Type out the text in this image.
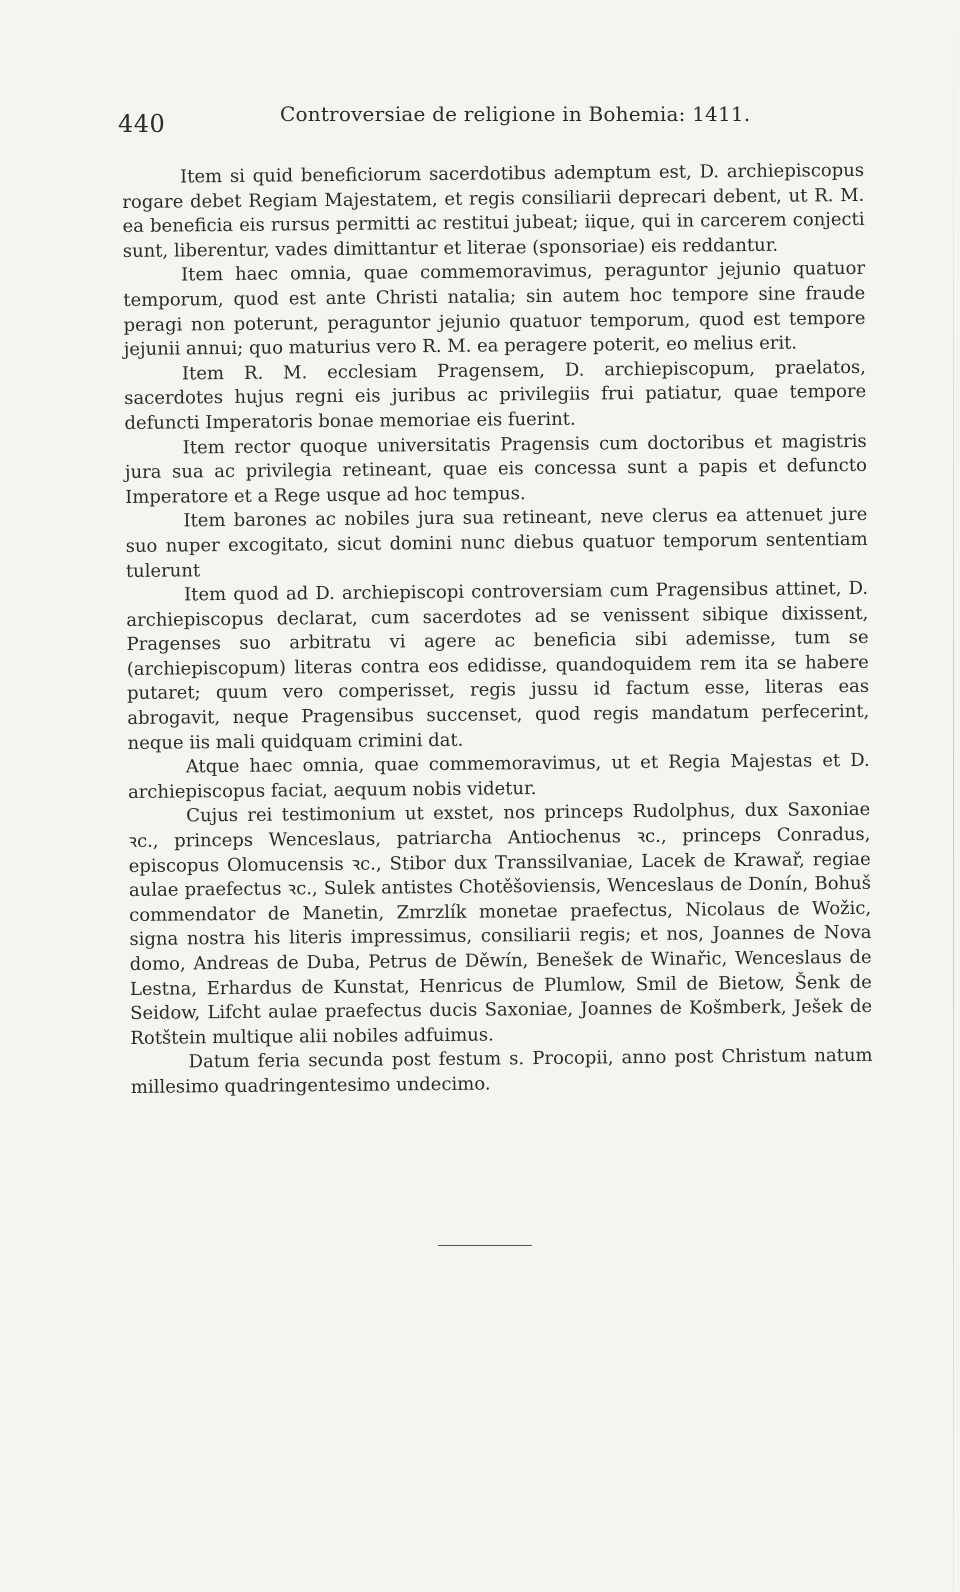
440	Controversiae de religione in Bohemia: 1411.

Item si quid beneficiorum sacerdotibus ademptum est, D. archiepiscopus rogare debet Regiam Majestatem, et regis consiliarii deprecari debent, ut R. M. ea beneficia eis rursus permitti ac restitui jubeat; iique, qui in carcerem conjecti sunt, liberentur, vades dimittantur et literae (sponsoriae) eis reddantur.

Item haec omnia, quae commemoravimus, peraguntor jejunio quatuor temporum, quod est ante Christi natalia; sin autem hoc tempore sine fraude peragi non poterunt, peraguntor jejunio quatuor temporum, quod est tempore jejunii annui; quo maturius vero R. M. ea peragere poterit, eo melius erit.

Item R. M. ecclesiam Pragensem, D. archiepiscopum, praelatos, sacerdotes hujus regni eis juribus ac privilegiis frui patiatur, quae tempore defuncti Imperatoris bonae memoriae eis fuerint.

Item rector quoque universitatis Pragensis cum doctoribus et magistris jura sua ac privilegia retineant, quae eis concessa sunt a papis et defuncto Imperatore et a Rege usque ad hoc tempus.

Item barones ac nobiles jura sua retineant, neve clerus ea attenuet jure suo nuper excogitato, sicut domini nunc diebus quatuor temporum sententiam tulerunt

Item quod ad D. archiepiscopi controversiam cum Pragensibus attinet, D. archiepiscopus declarat, cum sacerdotes ad se venissent sibique dixissent, Pragenses suo arbitratu vi agere ac beneficia sibi ademisse, tum se (archiepiscopum) literas contra eos edidisse, quandoquidem rem ita se habere putaret; quum vero comperisset, regis jussu id factum esse, literas eas abrogavit, neque Pragensibus succenset, quod regis mandatum perfecerint, neque iis mali quidquam crimini dat.

Atque haec omnia, quae commemoravimus, ut et Regia Majestas et D. archiepiscopus faciat, aequum nobis videtur.

Cujus rei testimonium ut exstet, nos princeps Rudolphus, dux Saxoniae ꝛc., princeps Wenceslaus, patriarcha Antiochenus ꝛc., princeps Conradus, episcopus Olomucensis ꝛc., Stibor dux Transsilvaniae, Lacek de Krawař, regiae aulae praefectus ꝛc., Sulek antistes Chotěšoviensis, Wenceslaus de Donín, Bohuš commendator de Manetin, Zmrzlík monetae praefectus, Nicolaus de Wožic, signa nostra his literis impressimus, consiliarii regis; et nos, Joannes de Nova domo, Andreas de Duba, Petrus de Děwín, Benešek de Winařic, Wenceslaus de Lestna, Erhardus de Kunstat, Henricus de Plumlow, Smil de Bietow, Šenk de Seidow, Lifcht aulae praefectus ducis Saxoniae, Joannes de Košmberk, Ješek de Rotštein multique alii nobiles adfuimus.

Datum feria secunda post festum s. Procopii, anno post Christum natum millesimo quadringentesimo undecimo.
